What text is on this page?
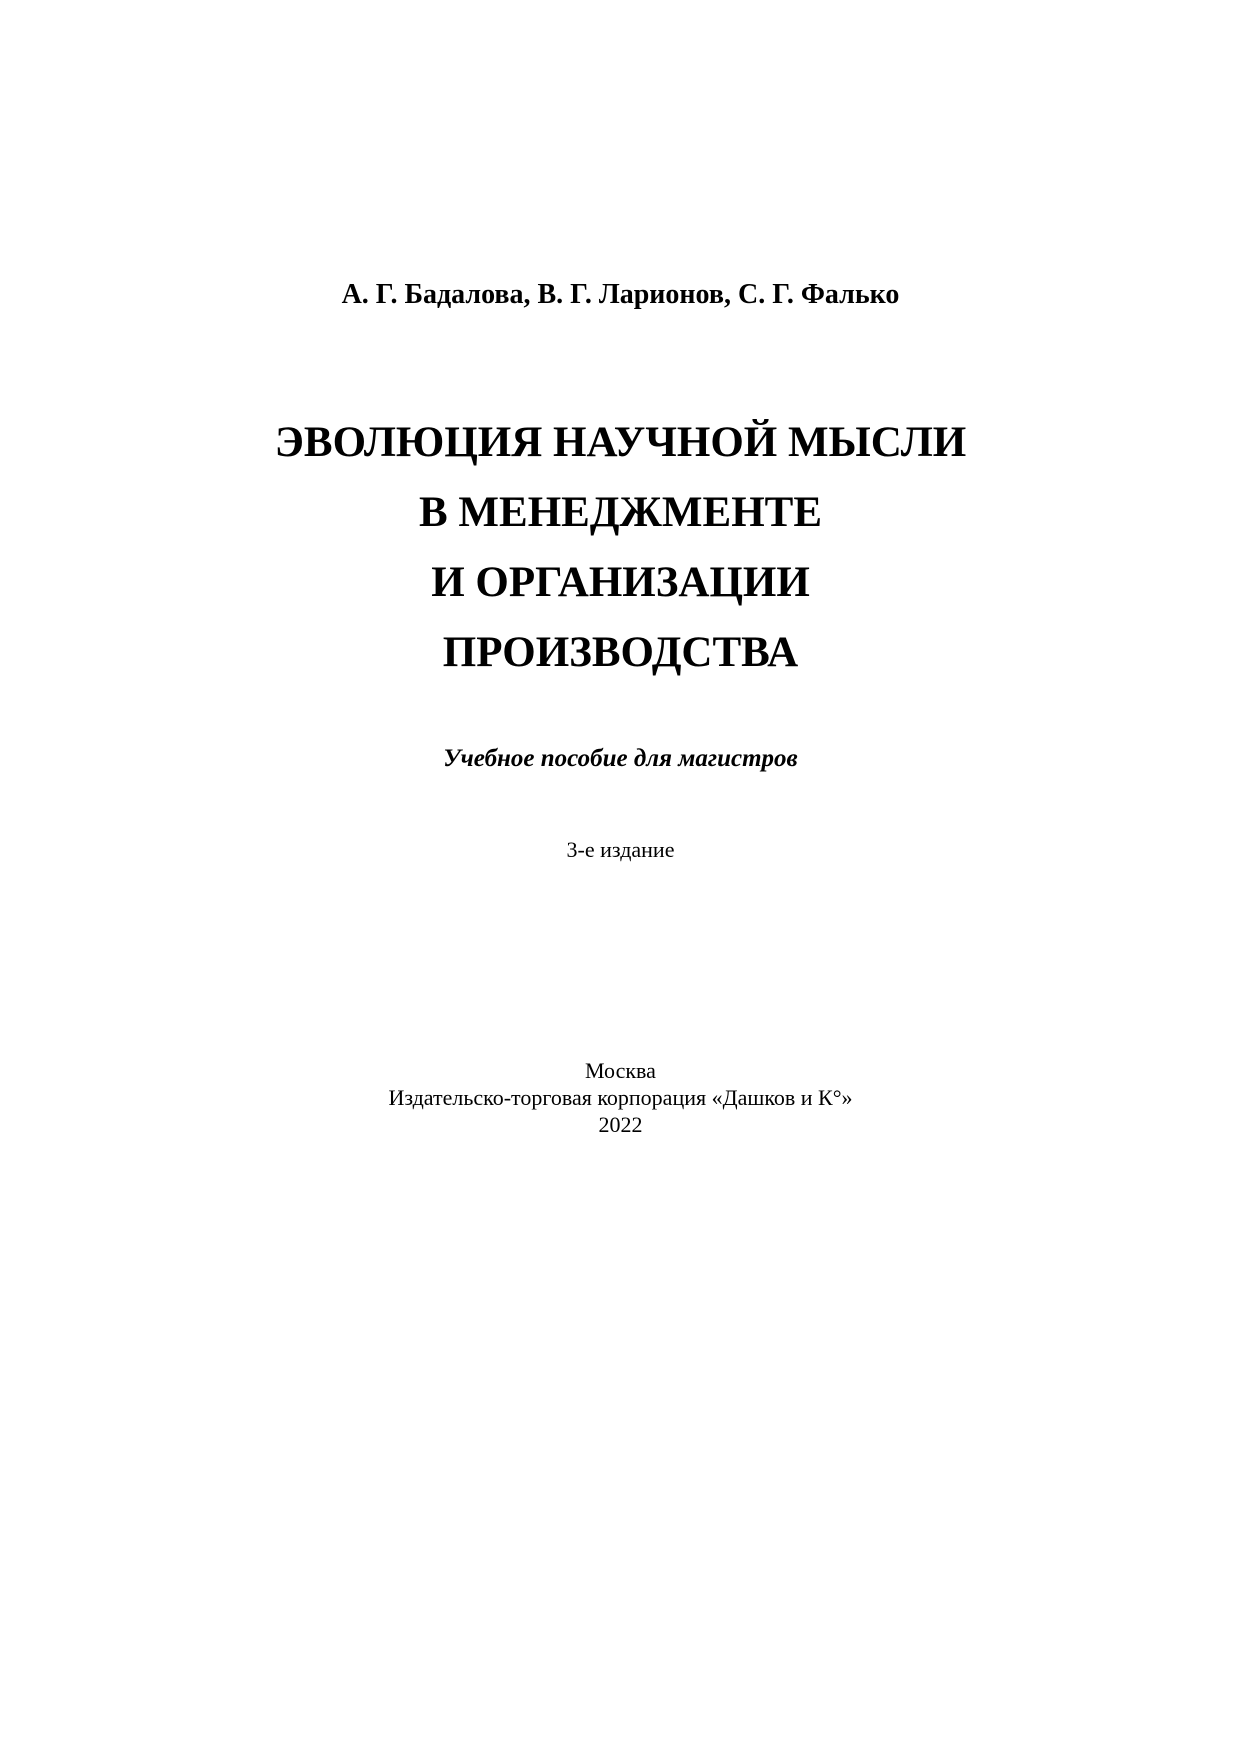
А. Г. Бадалова, В. Г. Ларионов, С. Г. Фалько
ЭВОЛЮЦИЯ НАУЧНОЙ МЫСЛИ
В МЕНЕДЖМЕНТЕ
И ОРГАНИЗАЦИИ
ПРОИЗВОДСТВА
Учебное пособие для магистров
3-е издание
Москва
Издательско-торговая корпорация «Дашков и К°»
2022
